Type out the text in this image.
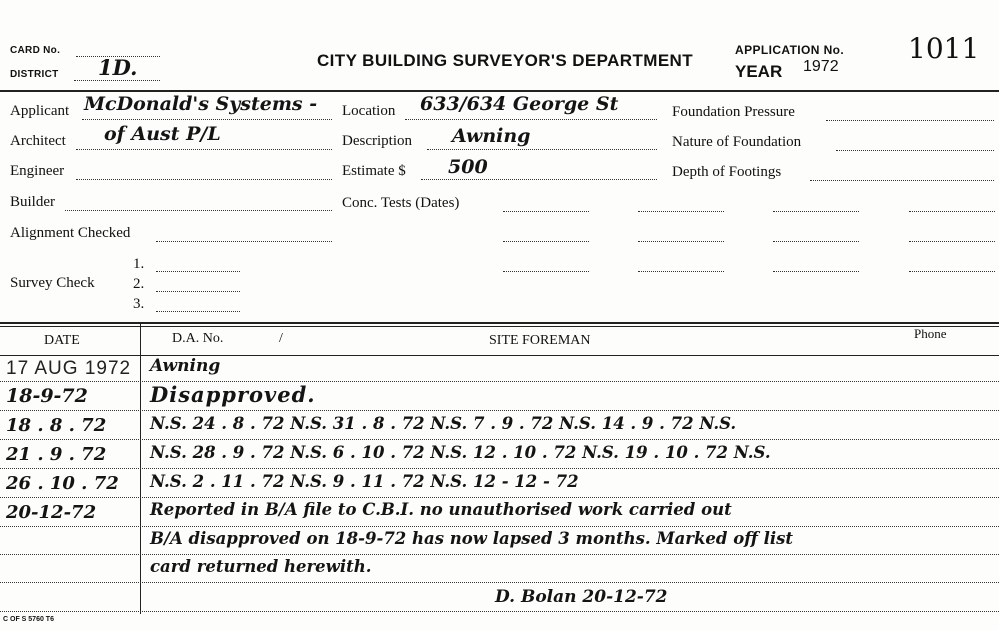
CARD No.
DISTRICT 1D.	CITY BUILDING SURVEYOR'S DEPARTMENT
APPLICATION No. 1011
YEAR 1972
Applicant McDonald's Systems -
Architect of Aust P/L
Engineer
Builder
Alignment Checked
Survey Check
1.
2.
3.
Location 633/634 George St
Description Awning
Estimate $ 500
Conc. Tests (Dates)
Foundation Pressure
Nature of Foundation
Depth of Footings
DATE	D.A. No.	/	SITE FOREMAN	Phone
17 AUG 1972 Awning
18-9-72	Disapproved.
18 . 8 . 72	N.S. 24 . 8 . 72 N.S. 31 . 8 . 72 N.S. 7 . 9 . 72 N.S. 14 . 9 . 72 N.S.
21 . 9 . 72	N.S. 28 . 9 . 72 N.S. 6 . 10 . 72 N.S. 12 . 10 . 72 N.S. 19 . 10 . 72 N.S.
26 . 10 . 72 N.S. 2 . 11 . 72 N.S. 9 . 11 . 72 N.S. 12 - 12 - 72
20-12-72	Reported in B/A file to C.B.I. no unauthorised work carried out
B/A disapproved on 18-9-72 has now lapsed 3 months. Marked off list
card returned herewith.
D. Bolan 20-12-72
C OF S 5760 T6
